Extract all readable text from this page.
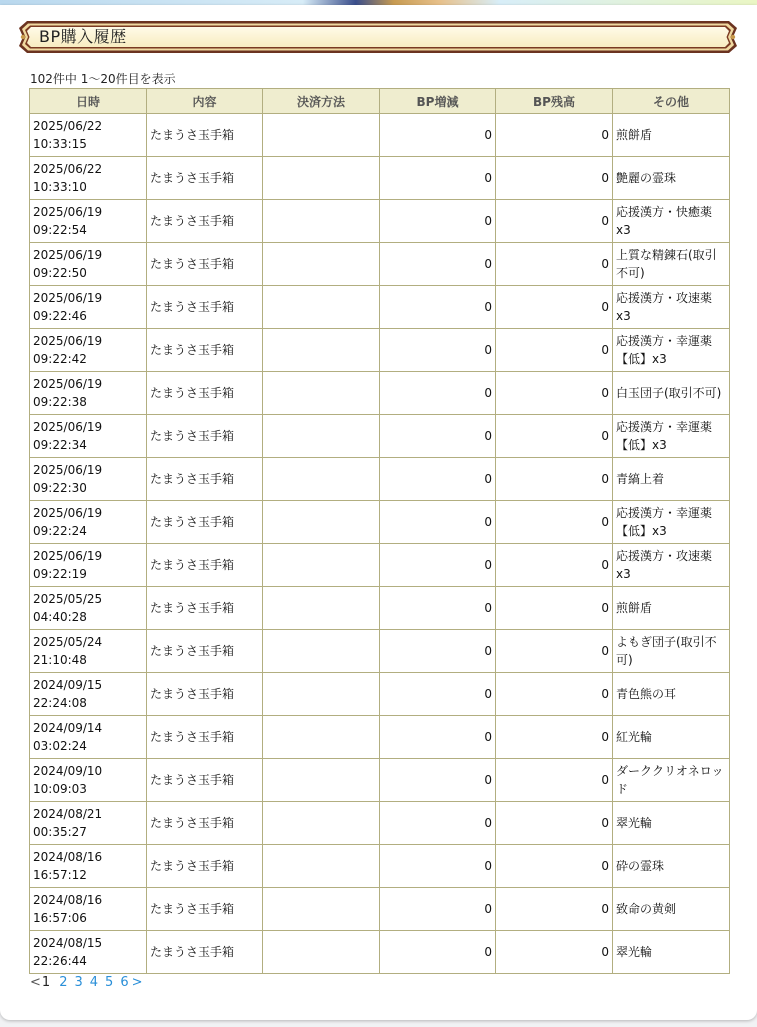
BP購入履歴
102件中 1〜20件目を表示
日時	内容	決済方法	BP増減	BP残高	その他
2025/06/22
10:33:15	たまうさ玉手箱		0	0	煎餅盾
2025/06/22
10:33:10	たまうさ玉手箱		0	0	艶麗の霊珠
2025/06/19
09:22:54	たまうさ玉手箱		0	0	応援漢方・快癒薬x3
2025/06/19
09:22:50	たまうさ玉手箱		0	0	上質な精錬石(取引不可)
2025/06/19
09:22:46	たまうさ玉手箱		0	0	応援漢方・攻速薬x3
2025/06/19
09:22:42	たまうさ玉手箱		0	0	応援漢方・幸運薬【低】x3
2025/06/19
09:22:38	たまうさ玉手箱		0	0	白玉団子(取引不可)
2025/06/19
09:22:34	たまうさ玉手箱		0	0	応援漢方・幸運薬【低】x3
2025/06/19
09:22:30	たまうさ玉手箱		0	0	青縞上着
2025/06/19
09:22:24	たまうさ玉手箱		0	0	応援漢方・幸運薬【低】x3
2025/06/19
09:22:19	たまうさ玉手箱		0	0	応援漢方・攻速薬x3
2025/05/25
04:40:28	たまうさ玉手箱		0	0	煎餅盾
2025/05/24
21:10:48	たまうさ玉手箱		0	0	よもぎ団子(取引不可)
2024/09/15
22:24:08	たまうさ玉手箱		0	0	青色熊の耳
2024/09/14
03:02:24	たまうさ玉手箱		0	0	紅光輪
2024/09/10
10:09:03	たまうさ玉手箱		0	0	ダーククリオネロッド
2024/08/21
00:35:27	たまうさ玉手箱		0	0	翠光輪
2024/08/16
16:57:12	たまうさ玉手箱		0	0	砕の霊珠
2024/08/16
16:57:06	たまうさ玉手箱		0	0	致命の黄剣
2024/08/15
22:26:44	たまうさ玉手箱		0	0	翠光輪
<1 2 3 4 5 6 >
